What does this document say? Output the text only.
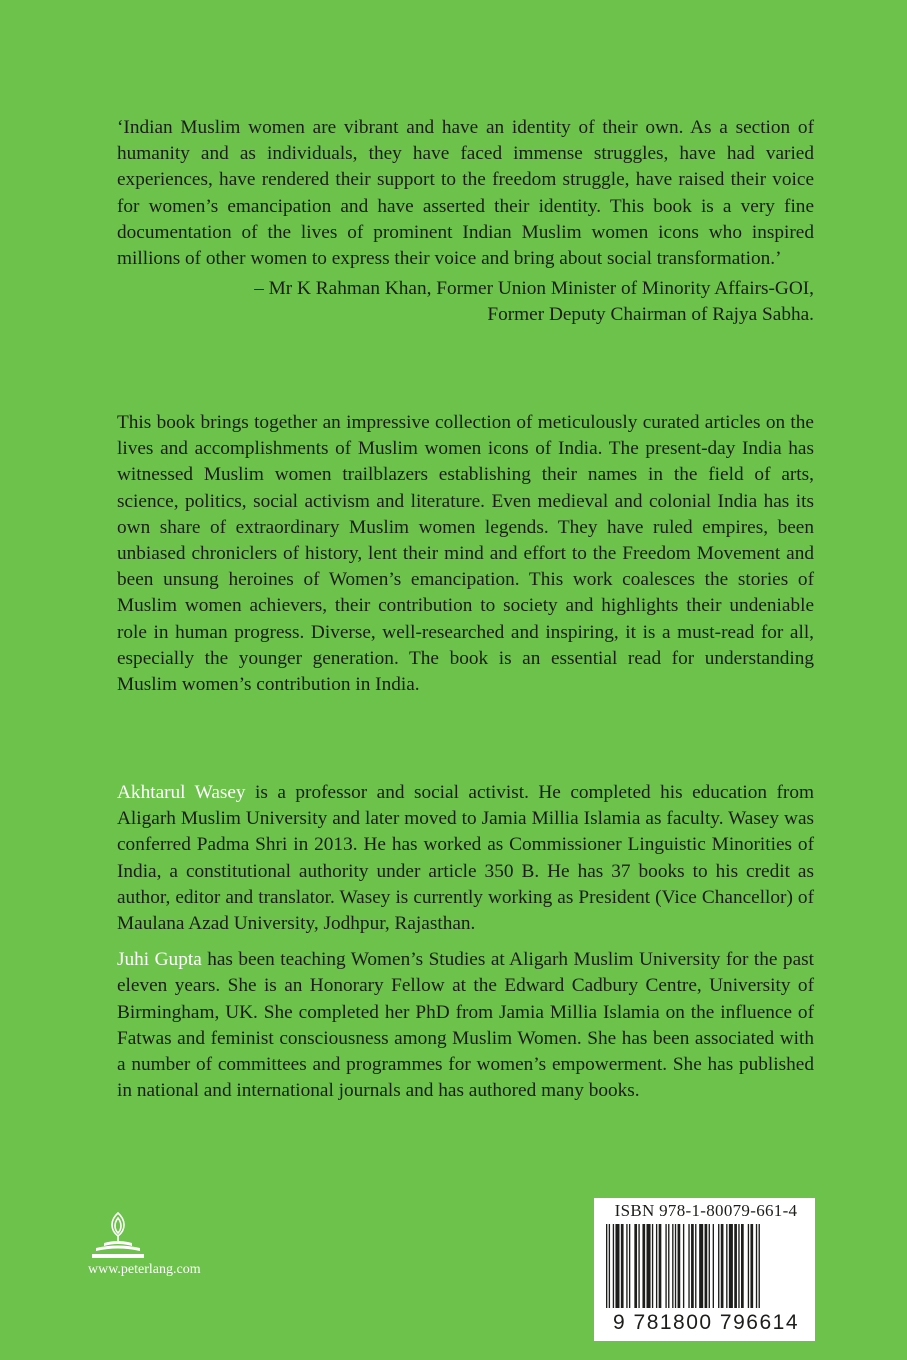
‘Indian Muslim women are vibrant and have an identity of their own. As a section of humanity and as individuals, they have faced immense struggles, have had varied experiences, have rendered their support to the freedom struggle, have raised their voice for women’s emancipation and have asserted their identity. This book is a very fine documentation of the lives of prominent Indian Muslim women icons who inspired millions of other women to express their voice and bring about social transformation.’

– Mr K Rahman Khan, Former Union Minister of Minority Affairs-GOI,
Former Deputy Chairman of Rajya Sabha.

This book brings together an impressive collection of meticulously curated articles on the lives and accomplishments of Muslim women icons of India. The present-day India has witnessed Muslim women trailblazers establishing their names in the field of arts, science, politics, social activism and literature. Even medieval and colonial India has its own share of extraordinary Muslim women legends. They have ruled empires, been unbiased chroniclers of history, lent their mind and effort to the Freedom Movement and been unsung heroines of Women’s emancipation. This work coalesces the stories of Muslim women achievers, their contribution to society and highlights their undeniable role in human progress. Diverse, well-researched and inspiring, it is a must-read for all, especially the younger generation. The book is an essential read for understanding Muslim women’s contribution in India.

Akhtarul Wasey is a professor and social activist. He completed his education from Aligarh Muslim University and later moved to Jamia Millia Islamia as faculty. Wasey was conferred Padma Shri in 2013. He has worked as Commissioner Linguistic Minorities of India, a constitutional authority under article 350 B. He has 37 books to his credit as author, editor and translator. Wasey is currently working as President (Vice Chancellor) of Maulana Azad University, Jodhpur, Rajasthan.

Juhi Gupta has been teaching Women’s Studies at Aligarh Muslim University for the past eleven years. She is an Honorary Fellow at the Edward Cadbury Centre, University of Birmingham, UK. She completed her PhD from Jamia Millia Islamia on the influence of Fatwas and feminist consciousness among Muslim Women. She has been associated with a number of committees and programmes for women’s empowerment. She has published in national and international journals and has authored many books.

www.peterlang.com
ISBN 978-1-80079-661-4
9 781800 796614
